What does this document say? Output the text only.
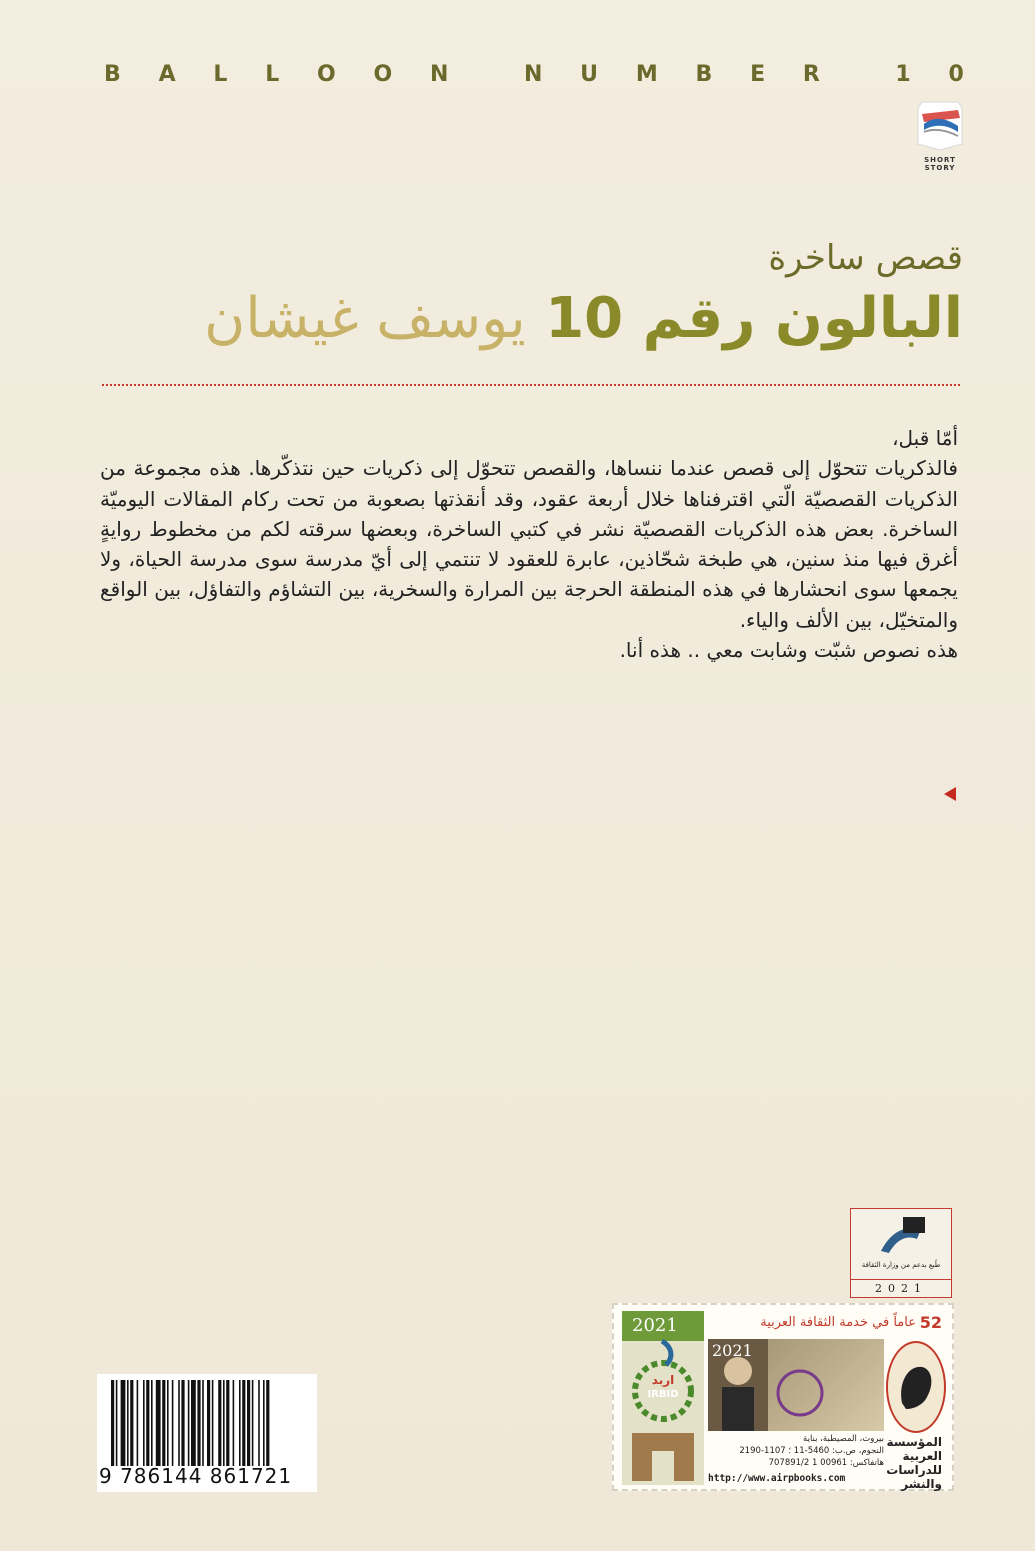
B A L L O O N	N U M B E R	1 0
SHORT
STORY
قصص ساخرة
البالون رقم 10 يوسف غيشان

أمّا قبل،

فالذكريات تتحوّل إلى قصص عندما ننساها، والقصص تتحوّل إلى ذكريات حين نتذكّرها. هذه مجموعة من الذكريات القصصيّة الّتي اقترفناها خلال أربعة عقود، وقد أنقذتها بصعوبة من تحت ركام المقالات اليوميّة الساخرة. بعض هذه الذكريات القصصيّة نشر في كتبي الساخرة، وبعضها سرقته لكم من مخطوط روايةٍ أغرق فيها منذ سنين، هي طبخة شحّاذين، عابرة للعقود لا تنتمي إلى أيّ مدرسة سوى مدرسة الحياة، ولا يجمعها سوى انحشارها في هذه المنطقة الحرجة بين المرارة والسخرية، بين التشاؤم والتفاؤل، بين الواقع والمتخيّل، بين الألف والياء.

هذه نصوص شبّت وشابت معي .. هذه أنا.

طُبع بدعم من وزارة الثقافة
2021
9 786144 861721
2021
اربد
IRBID
52
عاماً في خدمة الثقافة العربية
2021
بيروت، المصيطبة، بناية
النجوم، ص.ب: 5460-11 ؛ 1107-2190
هاتفاكس: 00961 1 707891/2
المؤسسة العربية للدراسات والنشر
http://www.airpbooks.com
